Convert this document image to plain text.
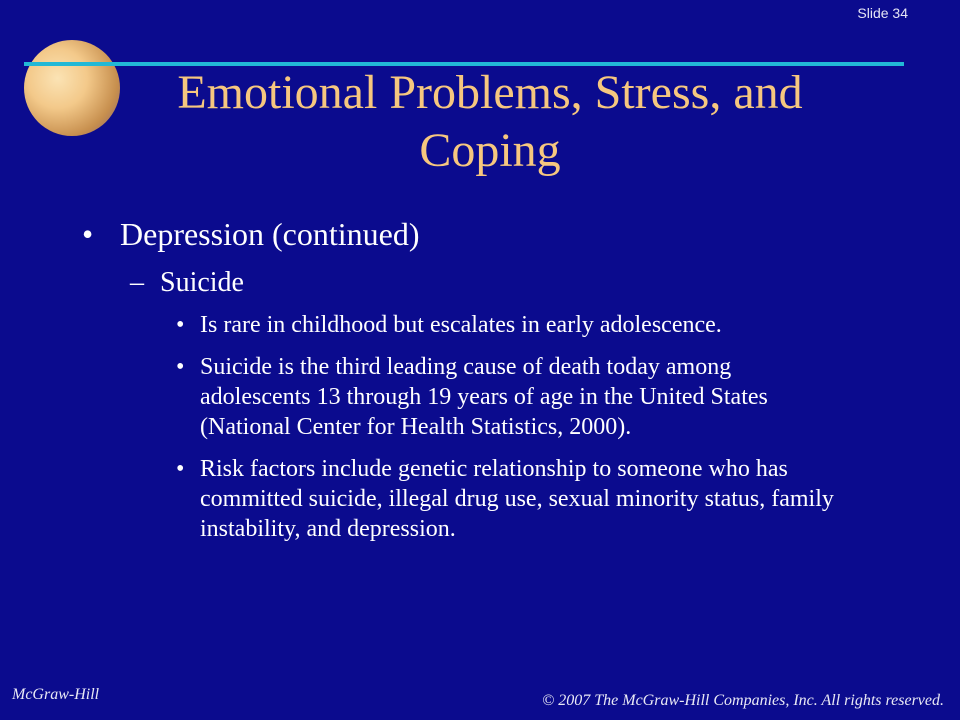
Slide 34
Emotional Problems, Stress, and
Coping
• Depression (continued)
– Suicide
• Is rare in childhood but escalates in early adolescence.
• Suicide is the third leading cause of death today among adolescents 13 through 19 years of age in the United States (National Center for Health Statistics, 2000).
• Risk factors include genetic relationship to someone who has committed suicide, illegal drug use, sexual minority status, family instability, and depression.
McGraw-Hill	© 2007 The McGraw-Hill Companies, Inc. All rights reserved.
